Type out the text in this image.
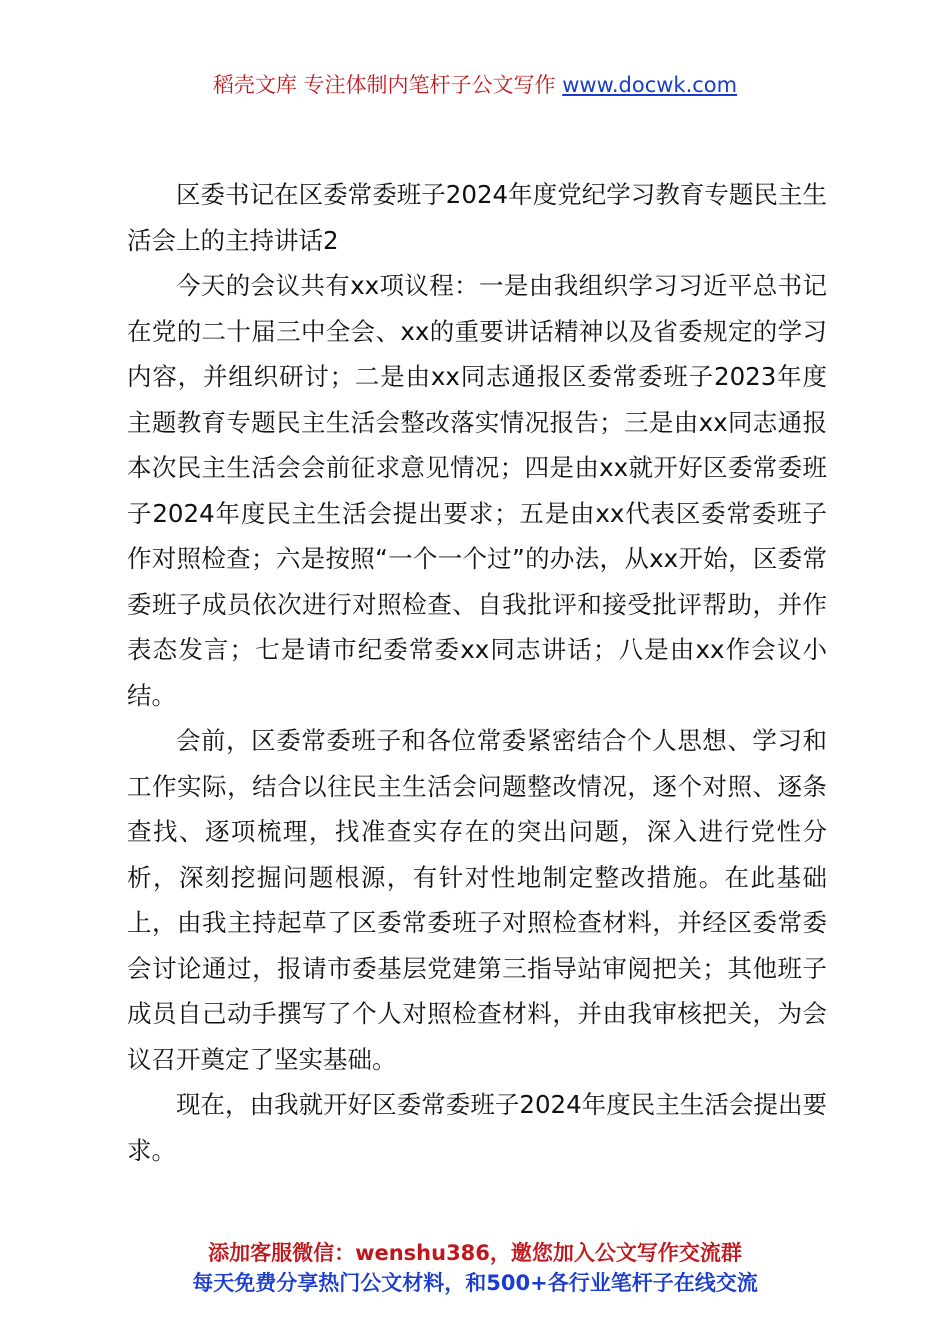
稻壳文库 专注体制内笔杆子公文写作 www.docwk.com

区委书记在区委常委班子2024年度党纪学习教育专题民主生活会上的主持讲话2

今天的会议共有xx项议程：一是由我组织学习习近平总书记在党的二十届三中全会、xx的重要讲话精神以及省委规定的学习内容，并组织研讨；二是由xx同志通报区委常委班子2023年度主题教育专题民主生活会整改落实情况报告；三是由xx同志通报本次民主生活会会前征求意见情况；四是由xx就开好区委常委班子2024年度民主生活会提出要求；五是由xx代表区委常委班子作对照检查；六是按照“一个一个过”的办法，从xx开始，区委常委班子成员依次进行对照检查、自我批评和接受批评帮助，并作表态发言；七是请市纪委常委xx同志讲话；八是由xx作会议小结。

会前，区委常委班子和各位常委紧密结合个人思想、学习和工作实际，结合以往民主生活会问题整改情况，逐个对照、逐条查找、逐项梳理，找准查实存在的突出问题，深入进行党性分析，深刻挖掘问题根源，有针对性地制定整改措施。在此基础上，由我主持起草了区委常委班子对照检查材料，并经区委常委会讨论通过，报请市委基层党建第三指导站审阅把关；其他班子成员自己动手撰写了个人对照检查材料，并由我审核把关，为会议召开奠定了坚实基础。

现在，由我就开好区委常委班子2024年度民主生活会提出要求。

添加客服微信：wenshu386，邀您加入公文写作交流群
每天免费分享热门公文材料，和500+各行业笔杆子在线交流
